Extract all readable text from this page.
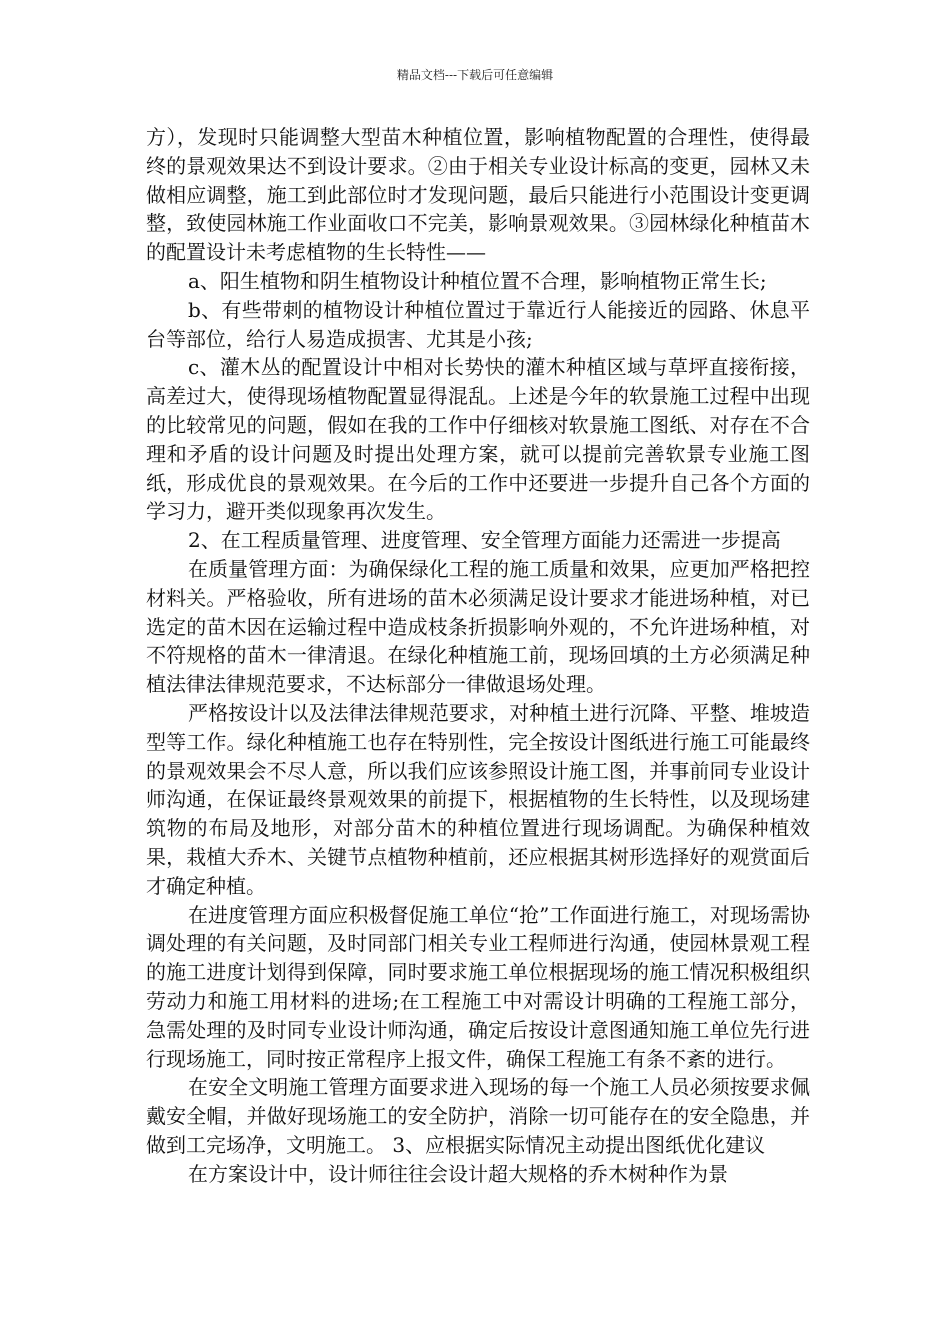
精品文档---下载后可任意编辑

方），发现时只能调整大型苗木种植位置，影响植物配置的合理性，使得最终的景观效果达不到设计要求。②由于相关专业设计标高的变更，园林又未做相应调整，施工到此部位时才发现问题，最后只能进行小范围设计变更调整，致使园林施工作业面收口不完美，影响景观效果。③园林绿化种植苗木的配置设计未考虑植物的生长特性——

a、阳生植物和阴生植物设计种植位置不合理，影响植物正常生长;

b、有些带刺的植物设计种植位置过于靠近行人能接近的园路、休息平台等部位，给行人易造成损害、尤其是小孩;

c、灌木丛的配置设计中相对长势快的灌木种植区域与草坪直接衔接，高差过大，使得现场植物配置显得混乱。上述是今年的软景施工过程中出现的比较常见的问题，假如在我的工作中仔细核对软景施工图纸、对存在不合理和矛盾的设计问题及时提出处理方案，就可以提前完善软景专业施工图纸，形成优良的景观效果。在今后的工作中还要进一步提升自己各个方面的学习力，避开类似现象再次发生。

2、在工程质量管理、进度管理、安全管理方面能力还需进一步提高

在质量管理方面：为确保绿化工程的施工质量和效果，应更加严格把控材料关。严格验收，所有进场的苗木必须满足设计要求才能进场种植，对已选定的苗木因在运输过程中造成枝条折损影响外观的，不允许进场种植，对不符规格的苗木一律清退。在绿化种植施工前，现场回填的土方必须满足种植法律法律规范要求，不达标部分一律做退场处理。

严格按设计以及法律法律规范要求，对种植土进行沉降、平整、堆坡造型等工作。绿化种植施工也存在特别性，完全按设计图纸进行施工可能最终的景观效果会不尽人意，所以我们应该参照设计施工图，并事前同专业设计师沟通，在保证最终景观效果的前提下，根据植物的生长特性，以及现场建筑物的布局及地形，对部分苗木的种植位置进行现场调配。为确保种植效果，栽植大乔木、关键节点植物种植前，还应根据其树形选择好的观赏面后才确定种植。

在进度管理方面应积极督促施工单位“抢”工作面进行施工，对现场需协调处理的有关问题，及时同部门相关专业工程师进行沟通，使园林景观工程的施工进度计划得到保障，同时要求施工单位根据现场的施工情况积极组织劳动力和施工用材料的进场;在工程施工中对需设计明确的工程施工部分，急需处理的及时同专业设计师沟通，确定后按设计意图通知施工单位先行进行现场施工，同时按正常程序上报文件，确保工程施工有条不紊的进行。

在安全文明施工管理方面要求进入现场的每一个施工人员必须按要求佩戴安全帽，并做好现场施工的安全防护，消除一切可能存在的安全隐患，并做到工完场净，文明施工。 3、应根据实际情况主动提出图纸优化建议

在方案设计中，设计师往往会设计超大规格的乔木树种作为景
